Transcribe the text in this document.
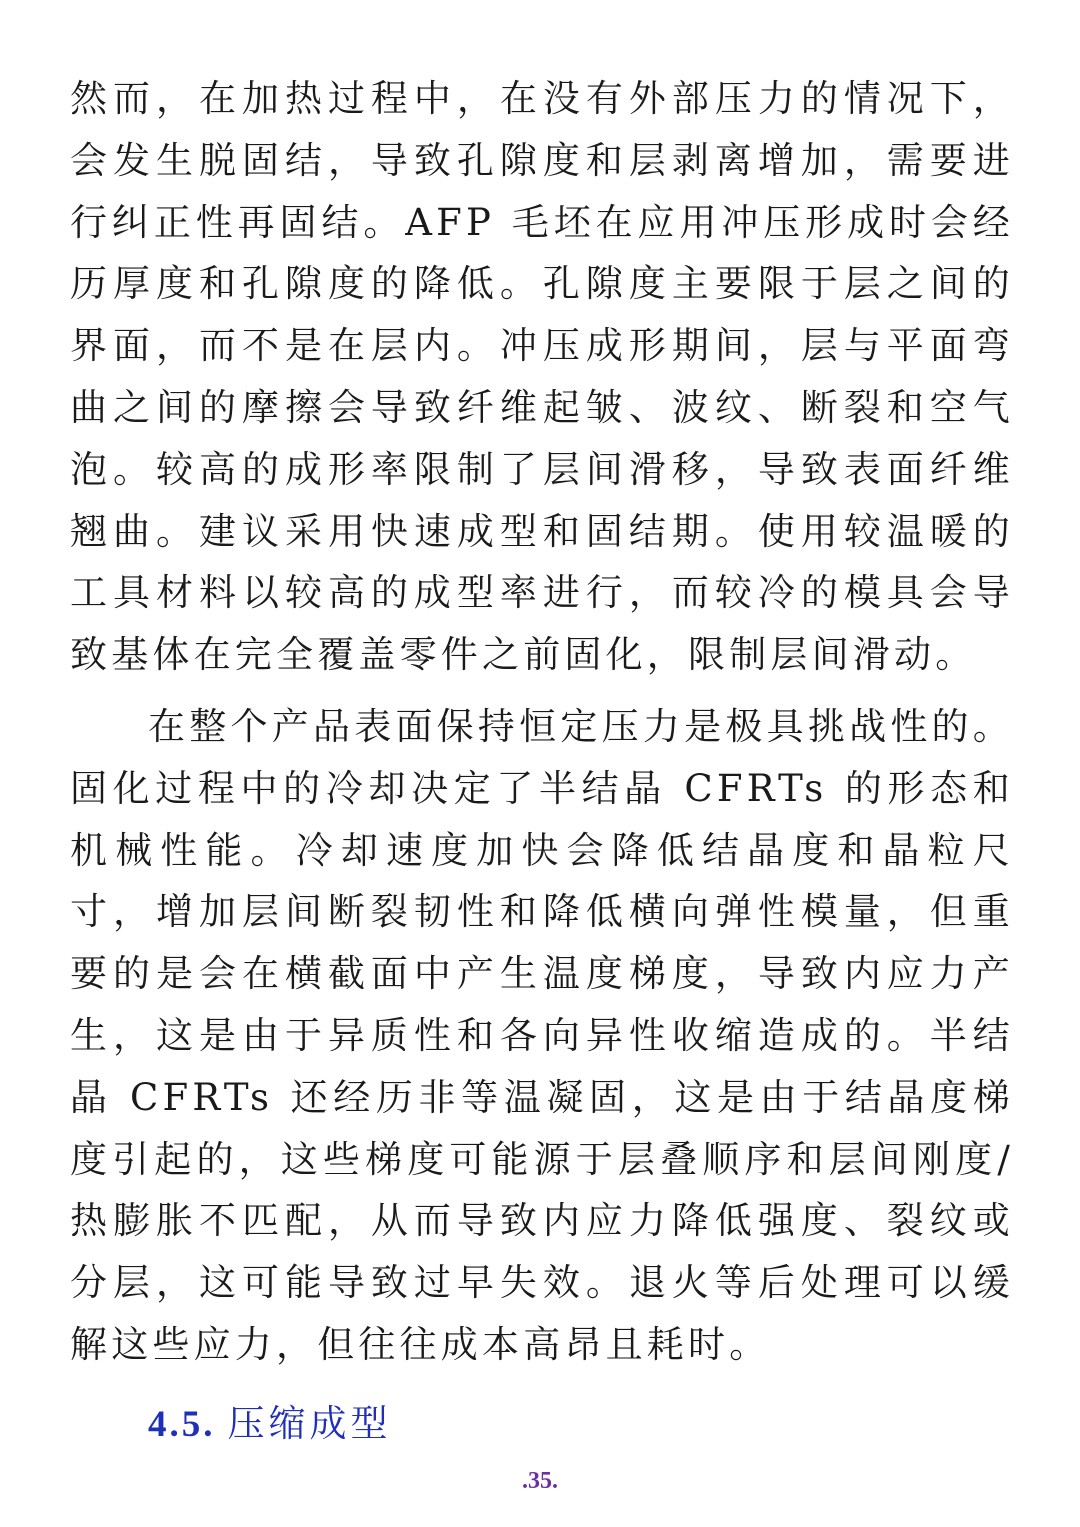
然而，在加热过程中，在没有外部压力的情况下，会发生脱固结，导致孔隙度和层剥离增加，需要进行纠正性再固结。AFP 毛坯在应用冲压形成时会经历厚度和孔隙度的降低。孔隙度主要限于层之间的界面，而不是在层内。冲压成形期间，层与平面弯曲之间的摩擦会导致纤维起皱、波纹、断裂和空气泡。较高的成形率限制了层间滑移，导致表面纤维翘曲。建议采用快速成型和固结期。使用较温暖的工具材料以较高的成型率进行，而较冷的模具会导致基体在完全覆盖零件之前固化，限制层间滑动。

在整个产品表面保持恒定压力是极具挑战性的。固化过程中的冷却决定了半结晶 CFRTs 的形态和机械性能。冷却速度加快会降低结晶度和晶粒尺寸，增加层间断裂韧性和降低横向弹性模量，但重要的是会在横截面中产生温度梯度，导致内应力产生，这是由于异质性和各向异性收缩造成的。半结晶 CFRTs 还经历非等温凝固，这是由于结晶度梯度引起的，这些梯度可能源于层叠顺序和层间刚度/热膨胀不匹配，从而导致内应力降低强度、裂纹或分层，这可能导致过早失效。退火等后处理可以缓解这些应力，但往往成本高昂且耗时。

4.5. 压缩成型
.35.
